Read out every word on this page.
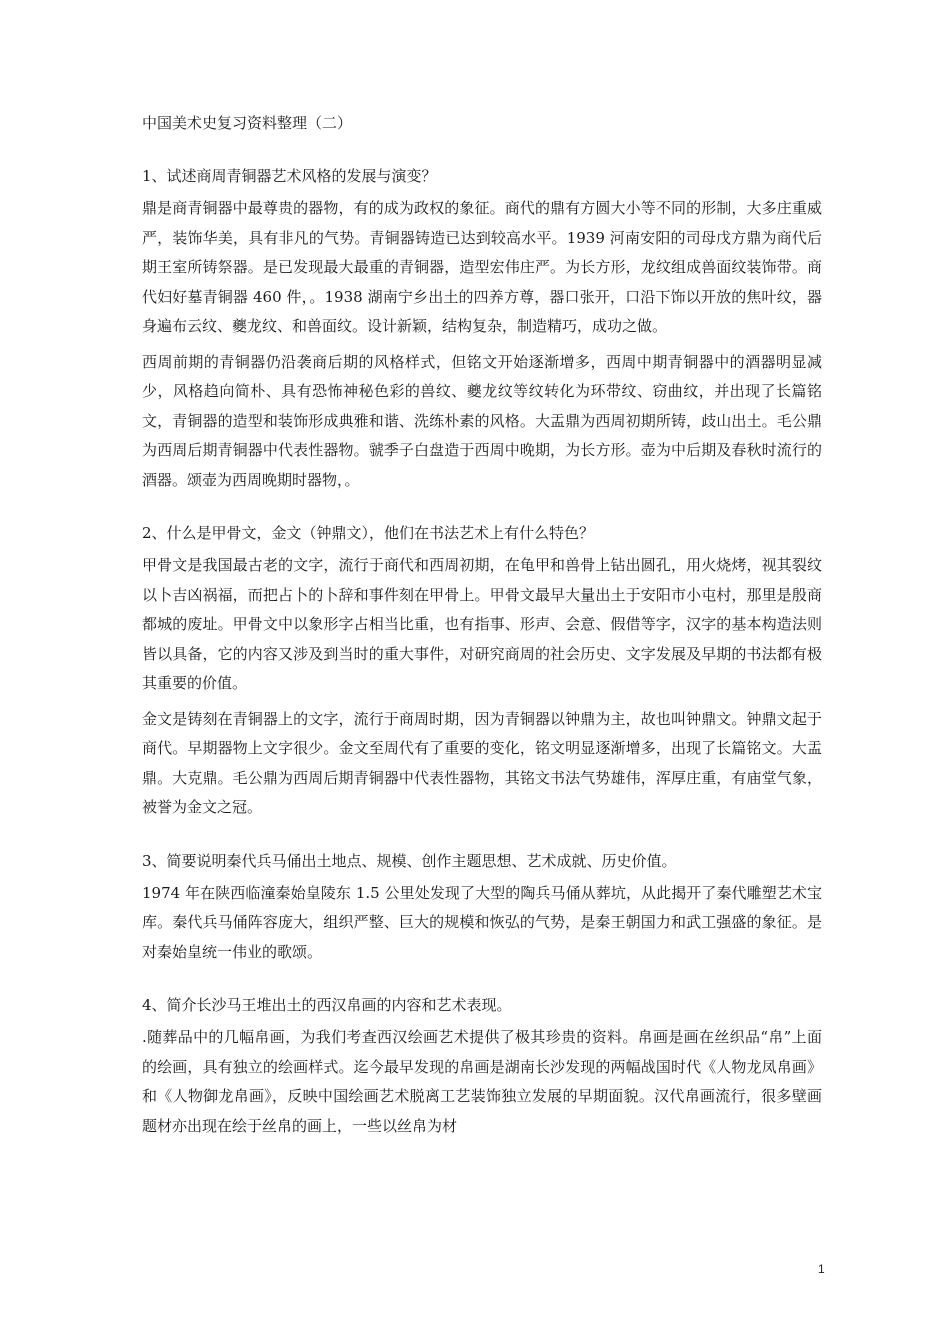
中国美术史复习资料整理（二）
1、试述商周青铜器艺术风格的发展与演变？

鼎是商青铜器中最尊贵的器物，有的成为政权的象征。商代的鼎有方圆大小等不同的形制，大多庄重威严，装饰华美，具有非凡的气势。青铜器铸造已达到较高水平。1939 河南安阳的司母戊方鼎为商代后期王室所铸祭器。是已发现最大最重的青铜器，造型宏伟庄严。为长方形，龙纹组成兽面纹装饰带。商代妇好墓青铜器 460 件，。1938 湖南宁乡出土的四养方尊，器口张开，口沿下饰以开放的焦叶纹，器身遍布云纹、夔龙纹、和兽面纹。设计新颖，结构复杂，制造精巧，成功之做。

西周前期的青铜器仍沿袭商后期的风格样式，但铭文开始逐渐增多，西周中期青铜器中的酒器明显减少，风格趋向简朴、具有恐怖神秘色彩的兽纹、夔龙纹等纹转化为环带纹、窃曲纹，并出现了长篇铭文，青铜器的造型和装饰形成典雅和谐、洗练朴素的风格。大盂鼎为西周初期所铸，歧山出土。毛公鼎为西周后期青铜器中代表性器物。虢季子白盘造于西周中晚期，为长方形。壶为中后期及春秋时流行的酒器。颂壶为西周晚期时器物，。

2、什么是甲骨文，金文（钟鼎文），他们在书法艺术上有什么特色？

甲骨文是我国最古老的文字，流行于商代和西周初期，在龟甲和兽骨上钻出圆孔，用火烧烤，视其裂纹以卜吉凶祸福，而把占卜的卜辞和事件刻在甲骨上。甲骨文最早大量出土于安阳市小屯村，那里是殷商都城的废址。甲骨文中以象形字占相当比重，也有指事、形声、会意、假借等字，汉字的基本构造法则皆以具备，它的内容又涉及到当时的重大事件，对研究商周的社会历史、文字发展及早期的书法都有极其重要的价值。

金文是铸刻在青铜器上的文字，流行于商周时期，因为青铜器以钟鼎为主，故也叫钟鼎文。钟鼎文起于商代。早期器物上文字很少。金文至周代有了重要的变化，铭文明显逐渐增多，出现了长篇铭文。大盂鼎。大克鼎。毛公鼎为西周后期青铜器中代表性器物，其铭文书法气势雄伟，浑厚庄重，有庙堂气象，被誉为金文之冠。

3、简要说明秦代兵马俑出土地点、规模、创作主题思想、艺术成就、历史价值。

1974 年在陕西临潼秦始皇陵东 1.5 公里处发现了大型的陶兵马俑从葬坑，从此揭开了秦代雕塑艺术宝库。秦代兵马俑阵容庞大，组织严整、巨大的规模和恢弘的气势，是秦王朝国力和武工强盛的象征。是对秦始皇统一伟业的歌颂。

4、简介长沙马王堆出土的西汉帛画的内容和艺术表现。

.随葬品中的几幅帛画，为我们考查西汉绘画艺术提供了极其珍贵的资料。帛画是画在丝织品“帛”上面的绘画，具有独立的绘画样式。迄今最早发现的帛画是湖南长沙发现的两幅战国时代《人物龙凤帛画》和《人物御龙帛画》，反映中国绘画艺术脱离工艺装饰独立发展的早期面貌。汉代帛画流行，很多壁画题材亦出现在绘于丝帛的画上，一些以丝帛为材

1
